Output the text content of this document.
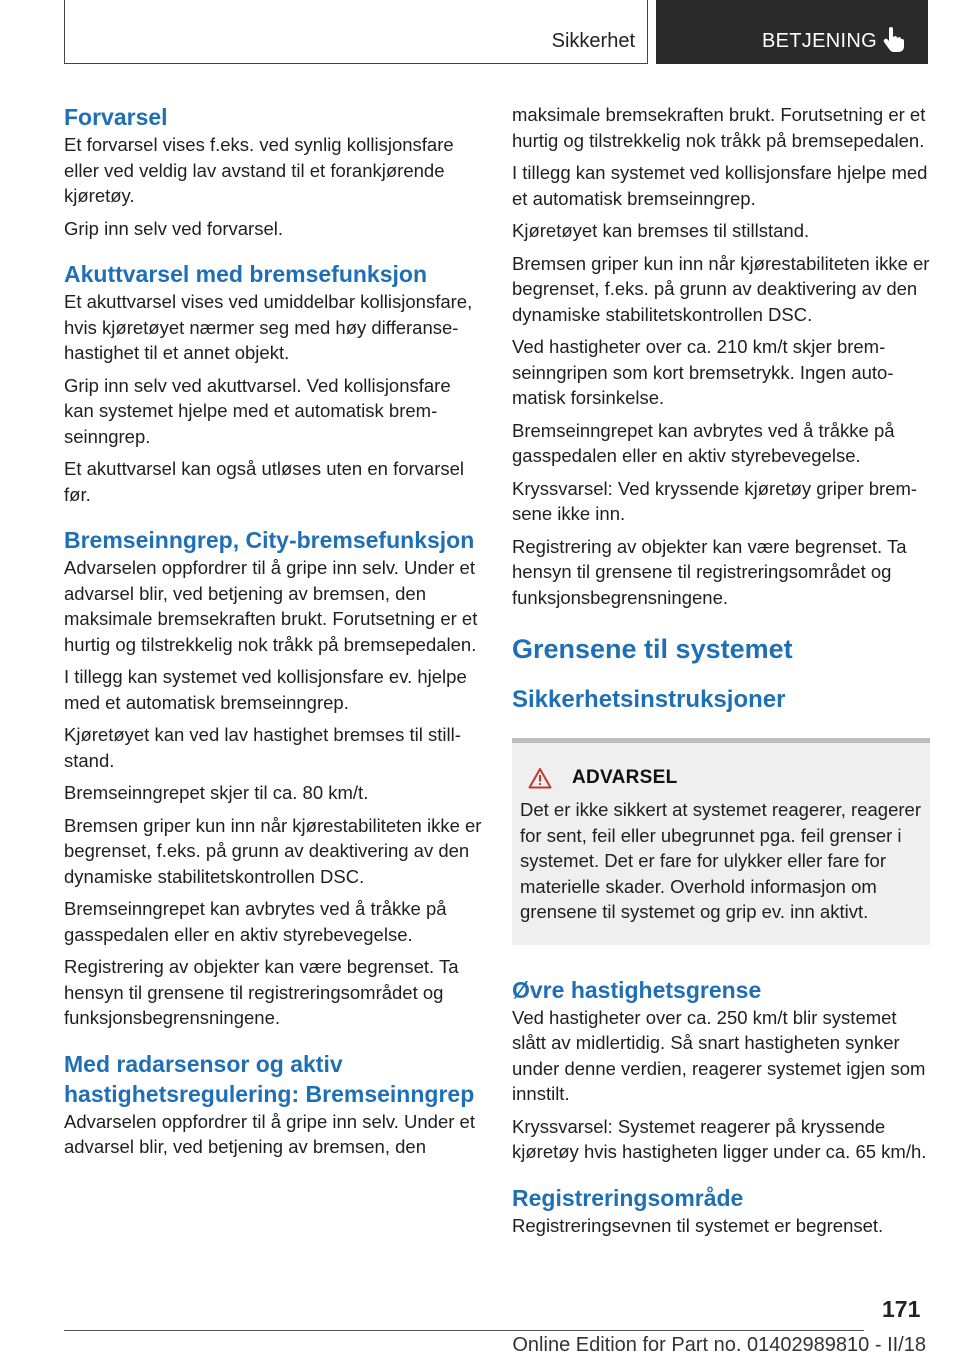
Sikkerhet	BETJENING
Forvarsel

Et forvarsel vises f.eks. ved synlig kollisjonsfare eller ved veldig lav avstand til et forankjørende kjøretøy.

Grip inn selv ved forvarsel.

Akuttvarsel med bremsefunksjon

Et akuttvarsel vises ved umiddelbar kollisjonsfare, hvis kjøretøyet nærmer seg med høy differansehastighet til et annet objekt.

Grip inn selv ved akuttvarsel. Ved kollisjonsfare kan systemet hjelpe med et automatisk bremseinngrep.

Et akuttvarsel kan også utløses uten en forvarsel før.

Bremseinngrep, City-bremsefunksjon

Advarselen oppfordrer til å gripe inn selv. Under et advarsel blir, ved betjening av bremsen, den maksimale bremsekraften brukt. Forutsetning er et hurtig og tilstrekkelig nok tråkk på bremsepedalen.

I tillegg kan systemet ved kollisjonsfare ev. hjelpe med et automatisk bremseinngrep.

Kjøretøyet kan ved lav hastighet bremses til stillstand.

Bremseinngrepet skjer til ca. 80 km/t.

Bremsen griper kun inn når kjørestabiliteten ikke er begrenset, f.eks. på grunn av deaktivering av den dynamiske stabilitetskontrollen DSC.

Bremseinngrepet kan avbrytes ved å tråkke på gasspedalen eller en aktiv styrebevegelse.

Registrering av objekter kan være begrenset. Ta hensyn til grensene til registreringsområdet og funksjonsbegrensningene.

Med radarsensor og aktiv hastighetsregulering: Bremseinngrep

Advarselen oppfordrer til å gripe inn selv. Under et advarsel blir, ved betjening av bremsen, den

maksimale bremsekraften brukt. Forutsetning er et hurtig og tilstrekkelig nok tråkk på bremsepedalen.

I tillegg kan systemet ved kollisjonsfare hjelpe med et automatisk bremseinngrep.

Kjøretøyet kan bremses til stillstand.

Bremsen griper kun inn når kjørestabiliteten ikke er begrenset, f.eks. på grunn av deaktivering av den dynamiske stabilitetskontrollen DSC.

Ved hastigheter over ca. 210 km/t skjer bremseinngripen som kort bremsetrykk. Ingen automatisk forsinkelse.

Bremseinngrepet kan avbrytes ved å tråkke på gasspedalen eller en aktiv styrebevegelse.

Kryssvarsel: Ved kryssende kjøretøy griper bremsene ikke inn.

Registrering av objekter kan være begrenset. Ta hensyn til grensene til registreringsområdet og funksjonsbegrensningene.

Grensene til systemet
Sikkerhetsinstruksjoner
ADVARSEL

Det er ikke sikkert at systemet reagerer, reagerer for sent, feil eller ubegrunnet pga. feil grenser i systemet. Det er fare for ulykker eller fare for materielle skader. Overhold informasjon om grensene til systemet og grip ev. inn aktivt.

Øvre hastighetsgrense

Ved hastigheter over ca. 250 km/t blir systemet slått av midlertidig. Så snart hastigheten synker under denne verdien, reagerer systemet igjen som innstilt.

Kryssvarsel: Systemet reagerer på kryssende kjøretøy hvis hastigheten ligger under ca. 65 km/h.

Registreringsområde

Registreringsevnen til systemet er begrenset.

171
Online Edition for Part no. 01402989810 - II/18
